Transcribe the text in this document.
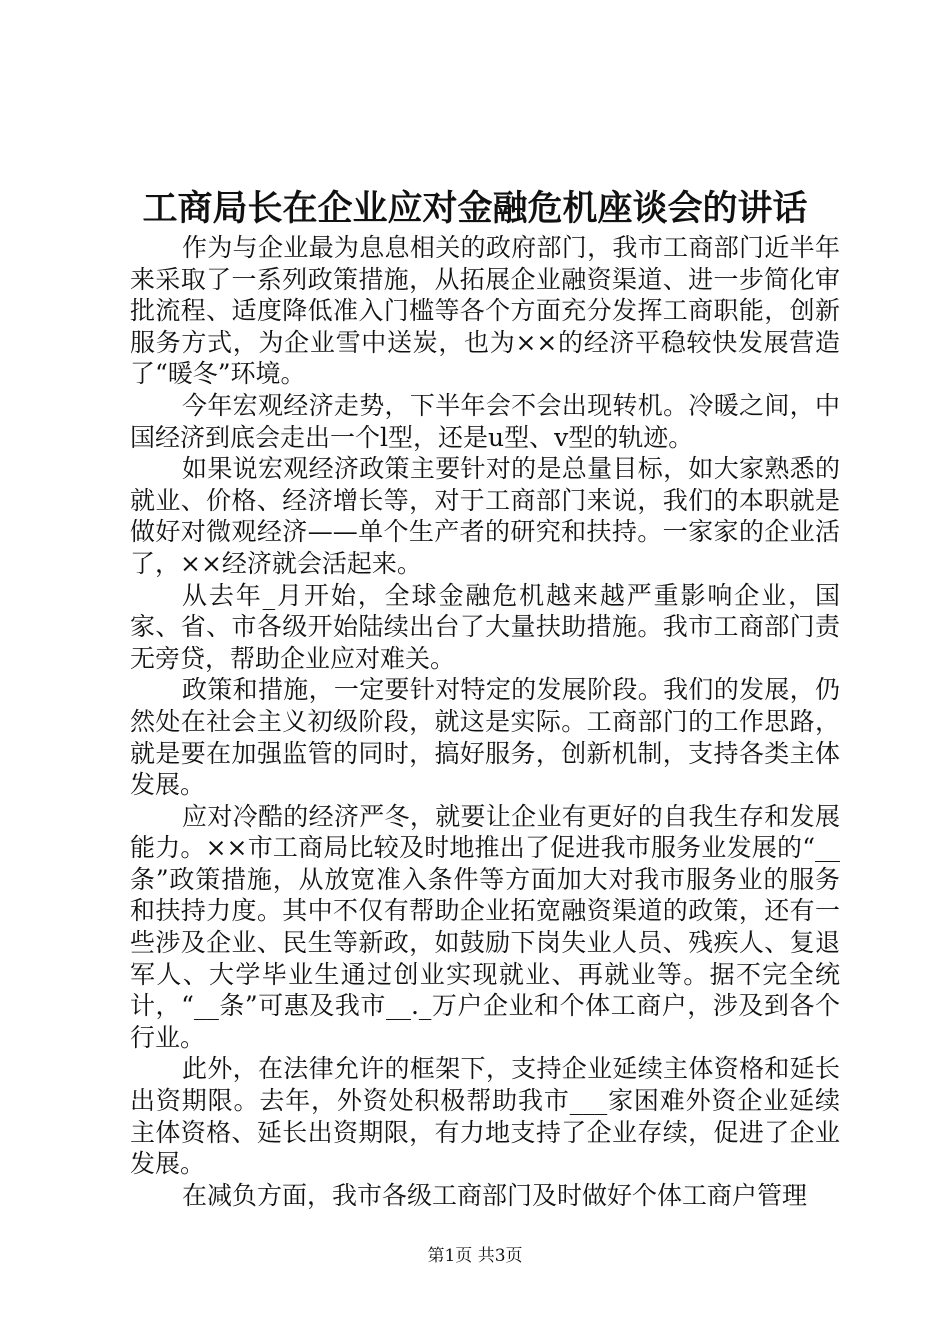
工商局长在企业应对金融危机座谈会的讲话

作为与企业最为息息相关的政府部门，我市工商部门近半年来采取了一系列政策措施，从拓展企业融资渠道、进一步简化审批流程、适度降低准入门槛等各个方面充分发挥工商职能，创新服务方式，为企业雪中送炭，也为××的经济平稳较快发展营造了“暖冬”环境。

今年宏观经济走势，下半年会不会出现转机。冷暖之间，中国经济到底会走出一个l型，还是u型、v型的轨迹。

如果说宏观经济政策主要针对的是总量目标，如大家熟悉的就业、价格、经济增长等，对于工商部门来说，我们的本职就是做好对微观经济——单个生产者的研究和扶持。一家家的企业活了，××经济就会活起来。

从去年_月开始，全球金融危机越来越严重影响企业，国家、省、市各级开始陆续出台了大量扶助措施。我市工商部门责无旁贷，帮助企业应对难关。

政策和措施，一定要针对特定的发展阶段。我们的发展，仍然处在社会主义初级阶段，就这是实际。工商部门的工作思路，就是要在加强监管的同时，搞好服务，创新机制，支持各类主体发展。

应对冷酷的经济严冬，就要让企业有更好的自我生存和发展能力。××市工商局比较及时地推出了促进我市服务业发展的“__条”政策措施，从放宽准入条件等方面加大对我市服务业的服务和扶持力度。其中不仅有帮助企业拓宽融资渠道的政策，还有一些涉及企业、民生等新政，如鼓励下岗失业人员、残疾人、复退军人、大学毕业生通过创业实现就业、再就业等。据不完全统计，“__条”可惠及我市__._万户企业和个体工商户，涉及到各个行业。

此外，在法律允许的框架下，支持企业延续主体资格和延长出资期限。去年，外资处积极帮助我市___家困难外资企业延续主体资格、延长出资期限，有力地支持了企业存续，促进了企业发展。

在减负方面，我市各级工商部门及时做好个体工商户管理

第1页 共3页
